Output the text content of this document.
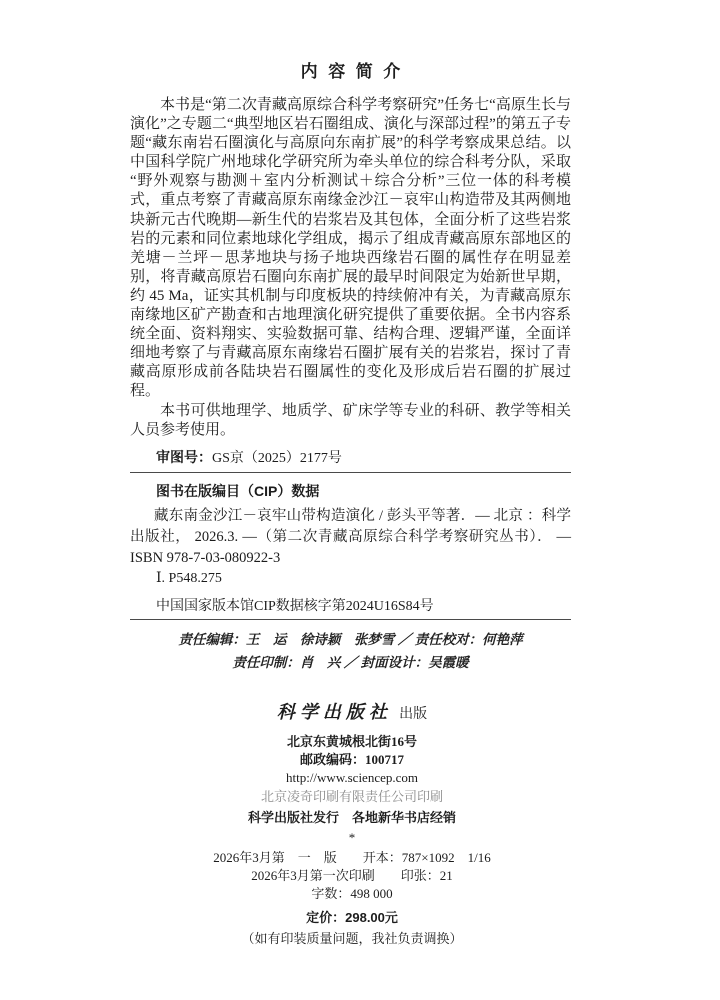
内容简介

本书是“第二次青藏高原综合科学考察研究”任务七“高原生长与演化”之专题二“典型地区岩石圈组成、演化与深部过程”的第五子专题“藏东南岩石圈演化与高原向东南扩展”的科学考察成果总结。以中国科学院广州地球化学研究所为牵头单位的综合科考分队，采取“野外观察与勘测＋室内分析测试＋综合分析”三位一体的科考模式，重点考察了青藏高原东南缘金沙江－哀牢山构造带及其两侧地块新元古代晚期—新生代的岩浆岩及其包体，全面分析了这些岩浆岩的元素和同位素地球化学组成，揭示了组成青藏高原东部地区的羌塘－兰坪－思茅地块与扬子地块西缘岩石圈的属性存在明显差别，将青藏高原岩石圈向东南扩展的最早时间限定为始新世早期，约 45 Ma，证实其机制与印度板块的持续俯冲有关，为青藏高原东南缘地区矿产勘查和古地理演化研究提供了重要依据。全书内容系统全面、资料翔实、实验数据可靠、结构合理、逻辑严谨，全面详细地考察了与青藏高原东南缘岩石圈扩展有关的岩浆岩，探讨了青藏高原形成前各陆块岩石圈属性的变化及形成后岩石圈的扩展过程。

本书可供地理学、地质学、矿床学等专业的科研、教学等相关人员参考使用。

审图号：GS京（2025）2177号
图书在版编目（CIP）数据

藏东南金沙江－哀牢山带构造演化 / 彭头平等著．— 北京 ：科学出版社， 2026.3. —（第二次青藏高原综合科学考察研究丛书）． — ISBN 978-7-03-080922-3

Ⅰ. P548.275
中国国家版本馆CIP数据核字第2024U16S84号
责任编辑：王　运　徐诗颖　张梦雪 ／ 责任校对：何艳萍
责任印制：肖　兴 ／ 封面设计：吴霞暖
科学出版社 出版
北京东黄城根北街16号
邮政编码：100717
http://www.sciencep.com
北京凌奇印刷有限责任公司印刷
科学出版社发行　各地新华书店经销
*
2026年3月第　一　版　　开本：787×1092　1/16
2026年3月第一次印刷　　印张：21
字数：498 000
定价：298.00元
（如有印装质量问题，我社负责调换）
